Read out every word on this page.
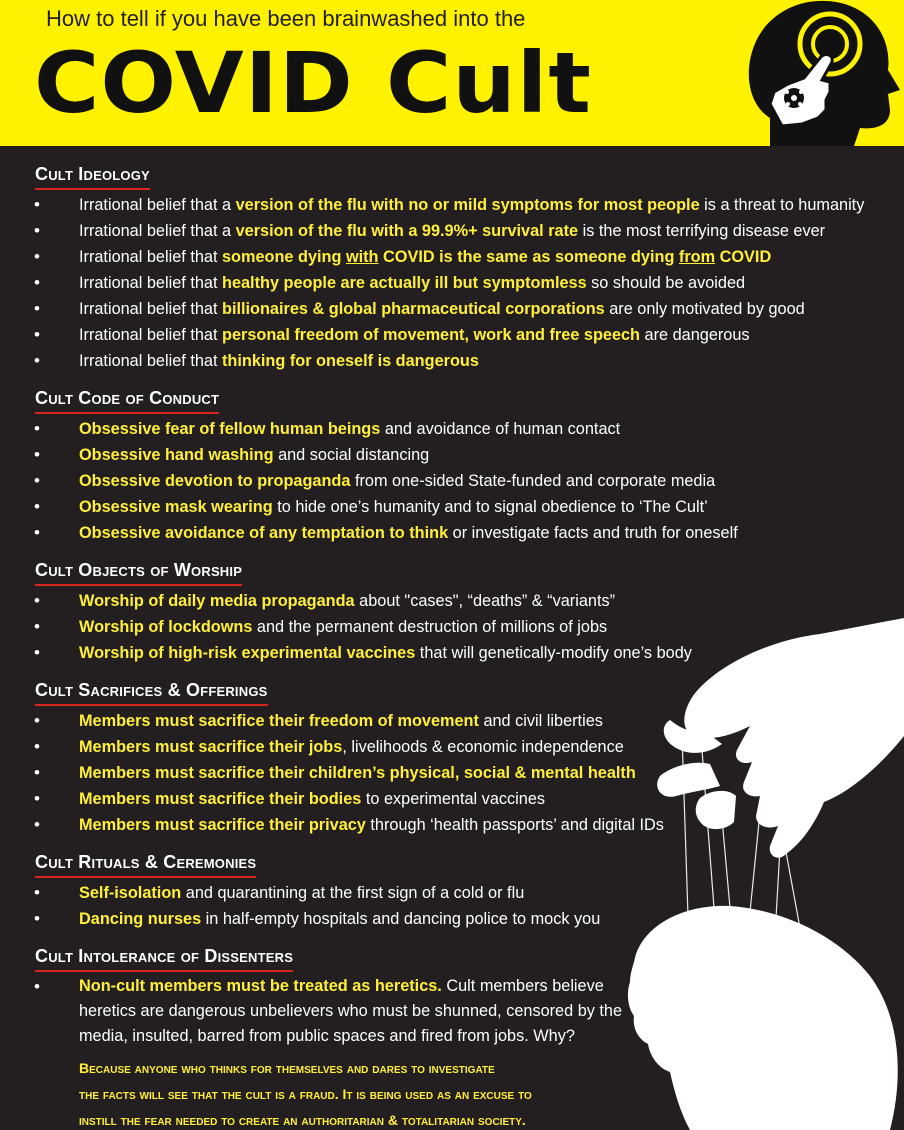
How to tell if you have been brainwashed into the
COVID Cult
Cult Ideology
• Irrational belief that a version of the flu with no or mild symptoms for most people is a threat to humanity
• Irrational belief that a version of the flu with a 99.9%+ survival rate is the most terrifying disease ever
• Irrational belief that someone dying with COVID is the same as someone dying from COVID
• Irrational belief that healthy people are actually ill but symptomless so should be avoided
• Irrational belief that billionaires & global pharmaceutical corporations are only motivated by good
• Irrational belief that personal freedom of movement, work and free speech are dangerous
• Irrational belief that thinking for oneself is dangerous
Cult Code of Conduct
• Obsessive fear of fellow human beings and avoidance of human contact
• Obsessive hand washing and social distancing
• Obsessive devotion to propaganda from one-sided State-funded and corporate media
• Obsessive mask wearing to hide one’s humanity and to signal obedience to ‘The Cult’
• Obsessive avoidance of any temptation to think or investigate facts and truth for oneself
Cult Objects of Worship
• Worship of daily media propaganda about "cases", “deaths” & “variants”
• Worship of lockdowns and the permanent destruction of millions of jobs
• Worship of high-risk experimental vaccines that will genetically-modify one’s body
Cult Sacrifices & Offerings
• Members must sacrifice their freedom of movement and civil liberties
• Members must sacrifice their jobs, livelihoods & economic independence
• Members must sacrifice their children’s physical, social & mental health
• Members must sacrifice their bodies to experimental vaccines
• Members must sacrifice their privacy through ‘health passports’ and digital IDs
Cult Rituals & Ceremonies
• Self-isolation and quarantining at the first sign of a cold or flu
• Dancing nurses in half-empty hospitals and dancing police to mock you
Cult Intolerance of Dissenters
• Non-cult members must be treated as heretics. Cult members believe heretics are dangerous unbelievers who must be shunned, censored by the media, insulted, barred from public spaces and fired from jobs. Why?
Because anyone who thinks for themselves and dares to investigate
the facts will see that the cult is a fraud. It is being used as an excuse to
instill the fear needed to create an authoritarian & totalitarian society.
